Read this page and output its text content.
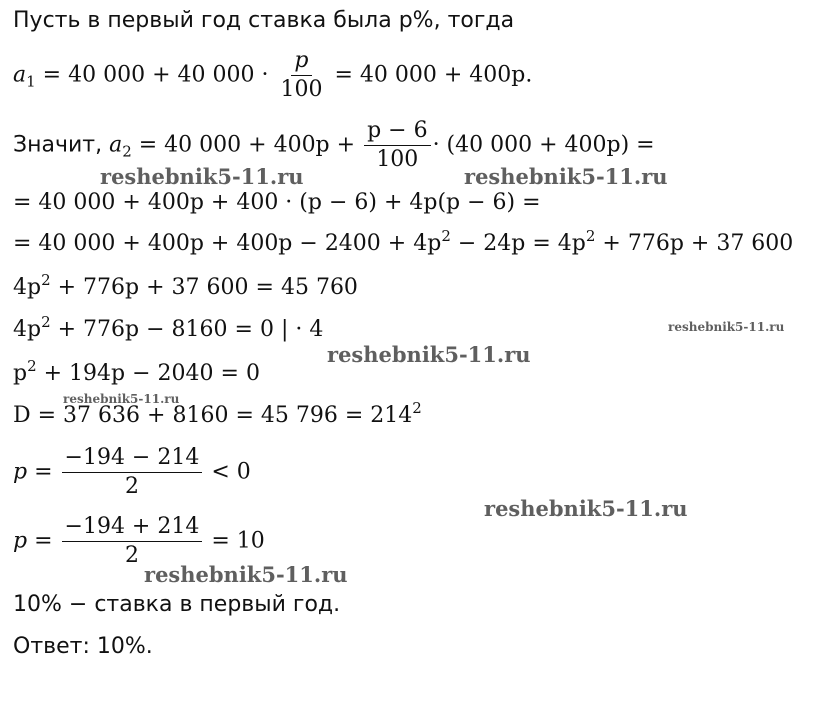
Пусть в первый год ставка была p%, тогда
$a_1 = 40$ 000 + 40 $000 \cdot \frac{p}{100} = 40$ 000 + 400p.
Значит, $a_2 = 40$ $000 + 400p + \frac{p - 6}{100} \cdot (40$ 000 + 400p) =
= 40 000 + 400p + 400 · (p − 6) + 4p(p − 6) =
= 40 $000 + 400p + 400p - 2400 + 4p^2 - 24p = 4p^2 + 776p + 37$ 600
$4p^2 + 776p + 37$ 600 = 45 760
$4p^2 + 776p - 8160 = 0$ | · 4
$p^2 + 194p - 2040 = 0$
D = 37 636 + 8160 = 45 $796 = 214^2$
$p = \frac{-194 - 214}{2} < 0$
$p = \frac{-194 + 214}{2} = 10$
10% − ставка в первый год.
Ответ: 10%.
reshebnik5-11.ru	reshebnik5-11.ru
reshebnik5-11.ru
reshebnik5-11.ru
reshebnik5-11.ru
reshebnik5-11.ru
reshebnik5-11.ru
